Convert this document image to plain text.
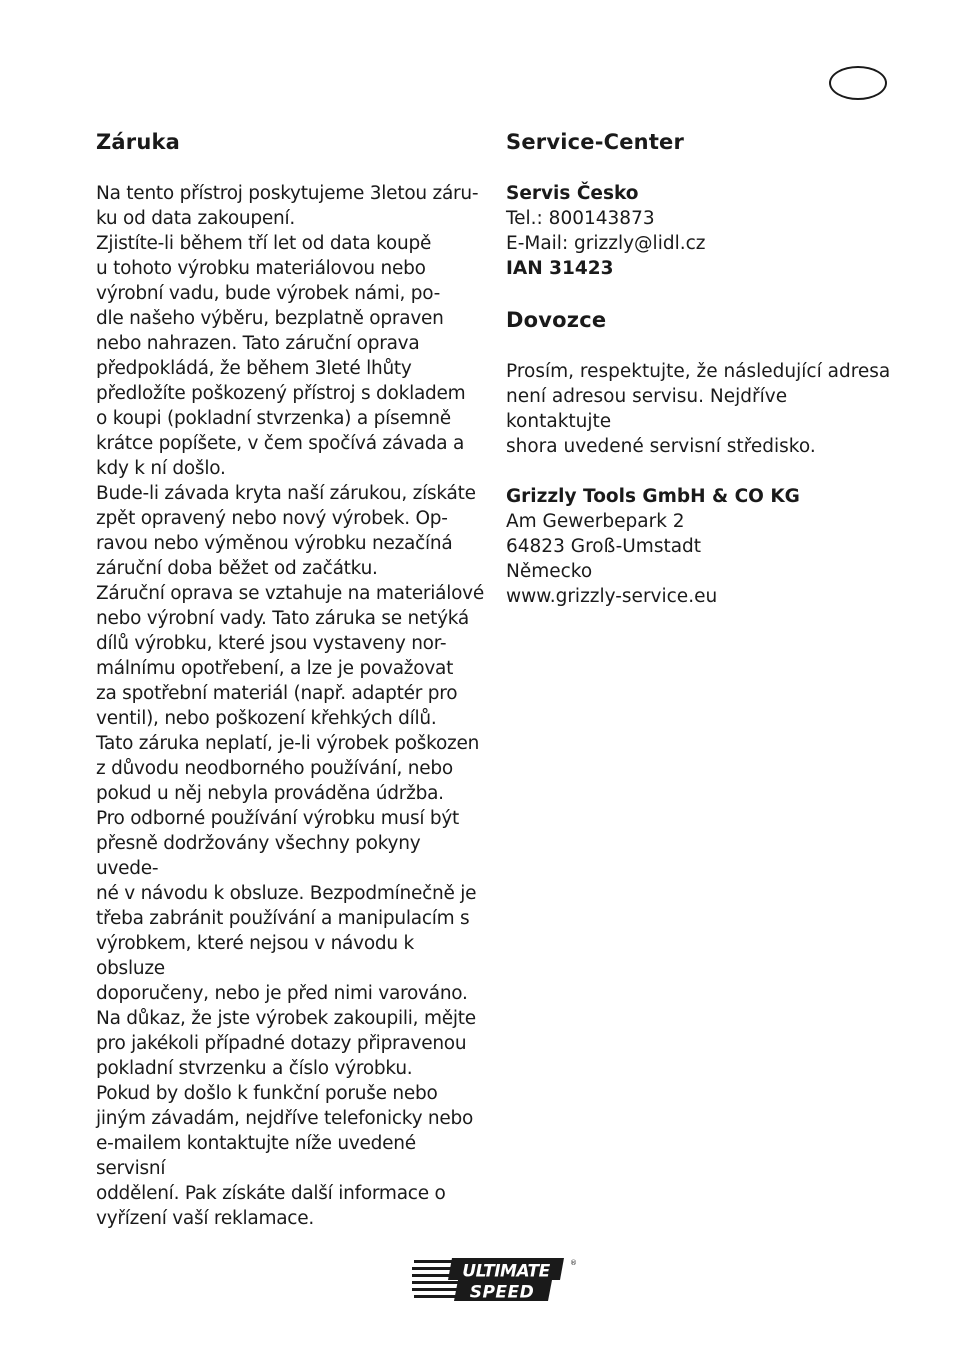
Záruka

Na tento přístroj poskytujeme 3letou záru-
ku od data zakoupení.
Zjistíte-li během tří let od data koupě
u tohoto výrobku materiálovou nebo
výrobní vadu, bude výrobek námi, po-
dle našeho výběru, bezplatně opraven
nebo nahrazen. Tato záruční oprava
předpokládá, že během 3leté lhůty
předložíte poškozený přístroj s dokladem
o koupi (pokladní stvrzenka) a písemně
krátce popíšete, v čem spočívá závada a
kdy k ní došlo.
Bude-li závada kryta naší zárukou, získáte
zpět opravený nebo nový výrobek. Op-
ravou nebo výměnou výrobku nezačíná
záruční doba běžet od začátku.
Záruční oprava se vztahuje na materiálové
nebo výrobní vady. Tato záruka se netýká
dílů výrobku, které jsou vystaveny nor-
málnímu opotřebení, a lze je považovat
za spotřební materiál (např. adaptér pro
ventil), nebo poškození křehkých dílů.
Tato záruka neplatí, je-li výrobek poškozen
z důvodu neodborného používání, nebo
pokud u něj nebyla prováděna údržba.
Pro odborné používání výrobku musí být
přesně dodržovány všechny pokyny uvede-
né v návodu k obsluze. Bezpodmínečně je
třeba zabránit používání a manipulacím s
výrobkem, které nejsou v návodu k obsluze
doporučeny, nebo je před nimi varováno.
Na důkaz, že jste výrobek zakoupili, mějte
pro jakékoli případné dotazy připravenou
pokladní stvrzenku a číslo výrobku.
Pokud by došlo k funkční poruše nebo
jiným závadám, nejdříve telefonicky nebo
e-mailem kontaktujte níže uvedené servisní
oddělení. Pak získáte další informace o
vyřízení vaší reklamace.

Service-Center
Servis Česko
Tel.: 800143873
E-Mail: grizzly@lidl.cz
IAN 31423
Dovozce

Prosím, respektujte, že následující adresa
není adresou servisu. Nejdříve kontaktujte
shora uvedené servisní středisko.

Grizzly Tools GmbH & CO KG
Am Gewerbepark 2
64823 Groß-Umstadt
Německo
www.grizzly-service.eu
ULTIMATE
SPEED
®
